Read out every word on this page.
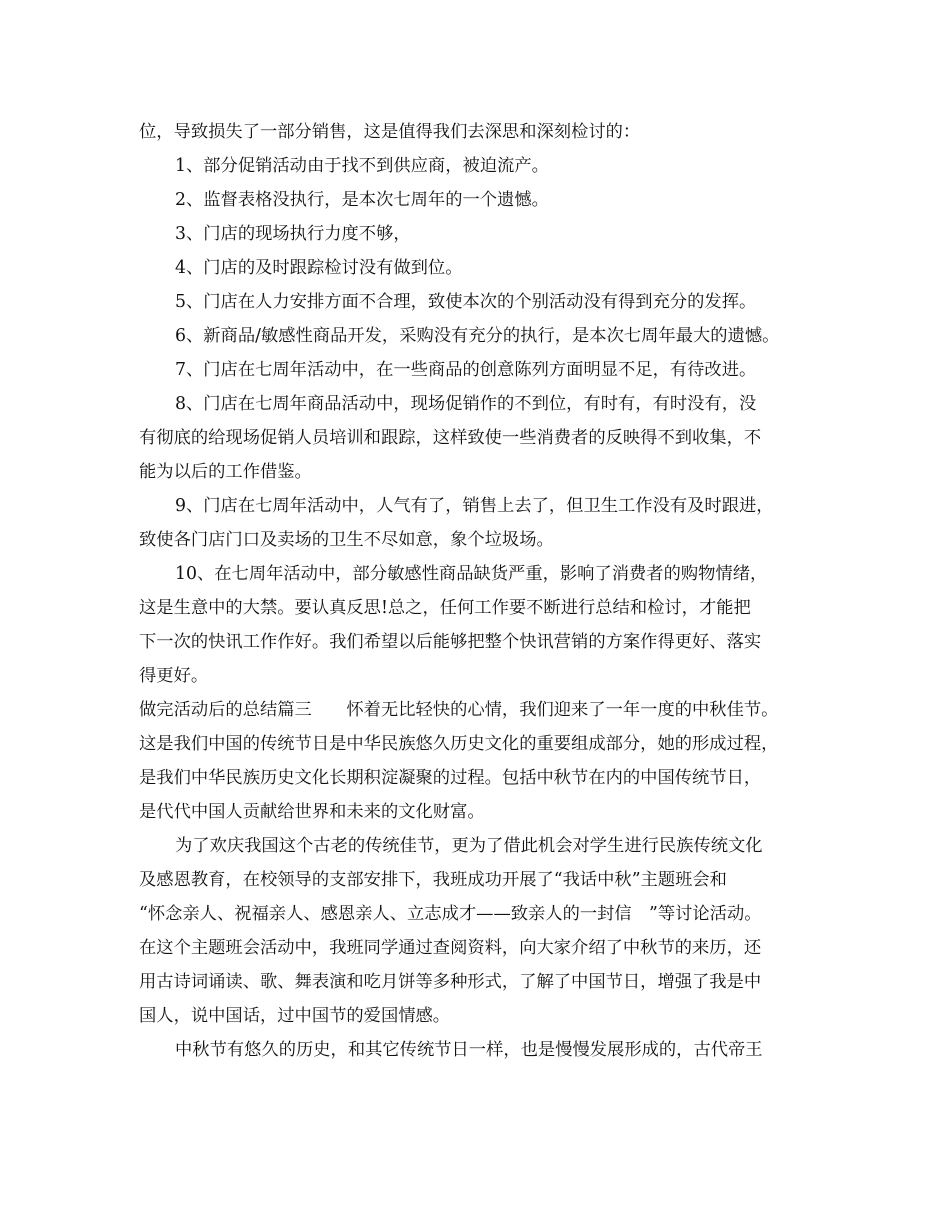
位，导致损失了一部分销售，这是值得我们去深思和深刻检讨的：
1、部分促销活动由于找不到供应商，被迫流产。
2、监督表格没执行，是本次七周年的一个遗憾。
3、门店的现场执行力度不够，
4、门店的及时跟踪检讨没有做到位。
5、门店在人力安排方面不合理，致使本次的个别活动没有得到充分的发挥。
6、新商品/敏感性商品开发，采购没有充分的执行，是本次七周年最大的遗憾。
7、门店在七周年活动中，在一些商品的创意陈列方面明显不足，有待改进。
8、门店在七周年商品活动中，现场促销作的不到位，有时有，有时没有，没
有彻底的给现场促销人员培训和跟踪，这样致使一些消费者的反映得不到收集，不
能为以后的工作借鉴。
9、门店在七周年活动中，人气有了，销售上去了，但卫生工作没有及时跟进，
致使各门店门口及卖场的卫生不尽如意，象个垃圾场。
10、在七周年活动中，部分敏感性商品缺货严重，影响了消费者的购物情绪，
这是生意中的大禁。要认真反思!总之，任何工作要不断进行总结和检讨，才能把
下一次的快讯工作作好。我们希望以后能够把整个快讯营销的方案作得更好、落实
得更好。
做完活动后的总结篇三　　怀着无比轻快的心情，我们迎来了一年一度的中秋佳节。
这是我们中国的传统节日是中华民族悠久历史文化的重要组成部分，她的形成过程，
是我们中华民族历史文化长期积淀凝聚的过程。包括中秋节在内的中国传统节日，
是代代中国人贡献给世界和未来的文化财富。
为了欢庆我国这个古老的传统佳节，更为了借此机会对学生进行民族传统文化
及感恩教育，在校领导的支部安排下，我班成功开展了“我话中秋”主题班会和
“怀念亲人、祝福亲人、感恩亲人、立志成才——致亲人的一封信　”等讨论活动。
在这个主题班会活动中，我班同学通过查阅资料，向大家介绍了中秋节的来历，还
用古诗词诵读、歌、舞表演和吃月饼等多种形式，了解了中国节日，增强了我是中
国人，说中国话，过中国节的爱国情感。
中秋节有悠久的历史，和其它传统节日一样，也是慢慢发展形成的，古代帝王
